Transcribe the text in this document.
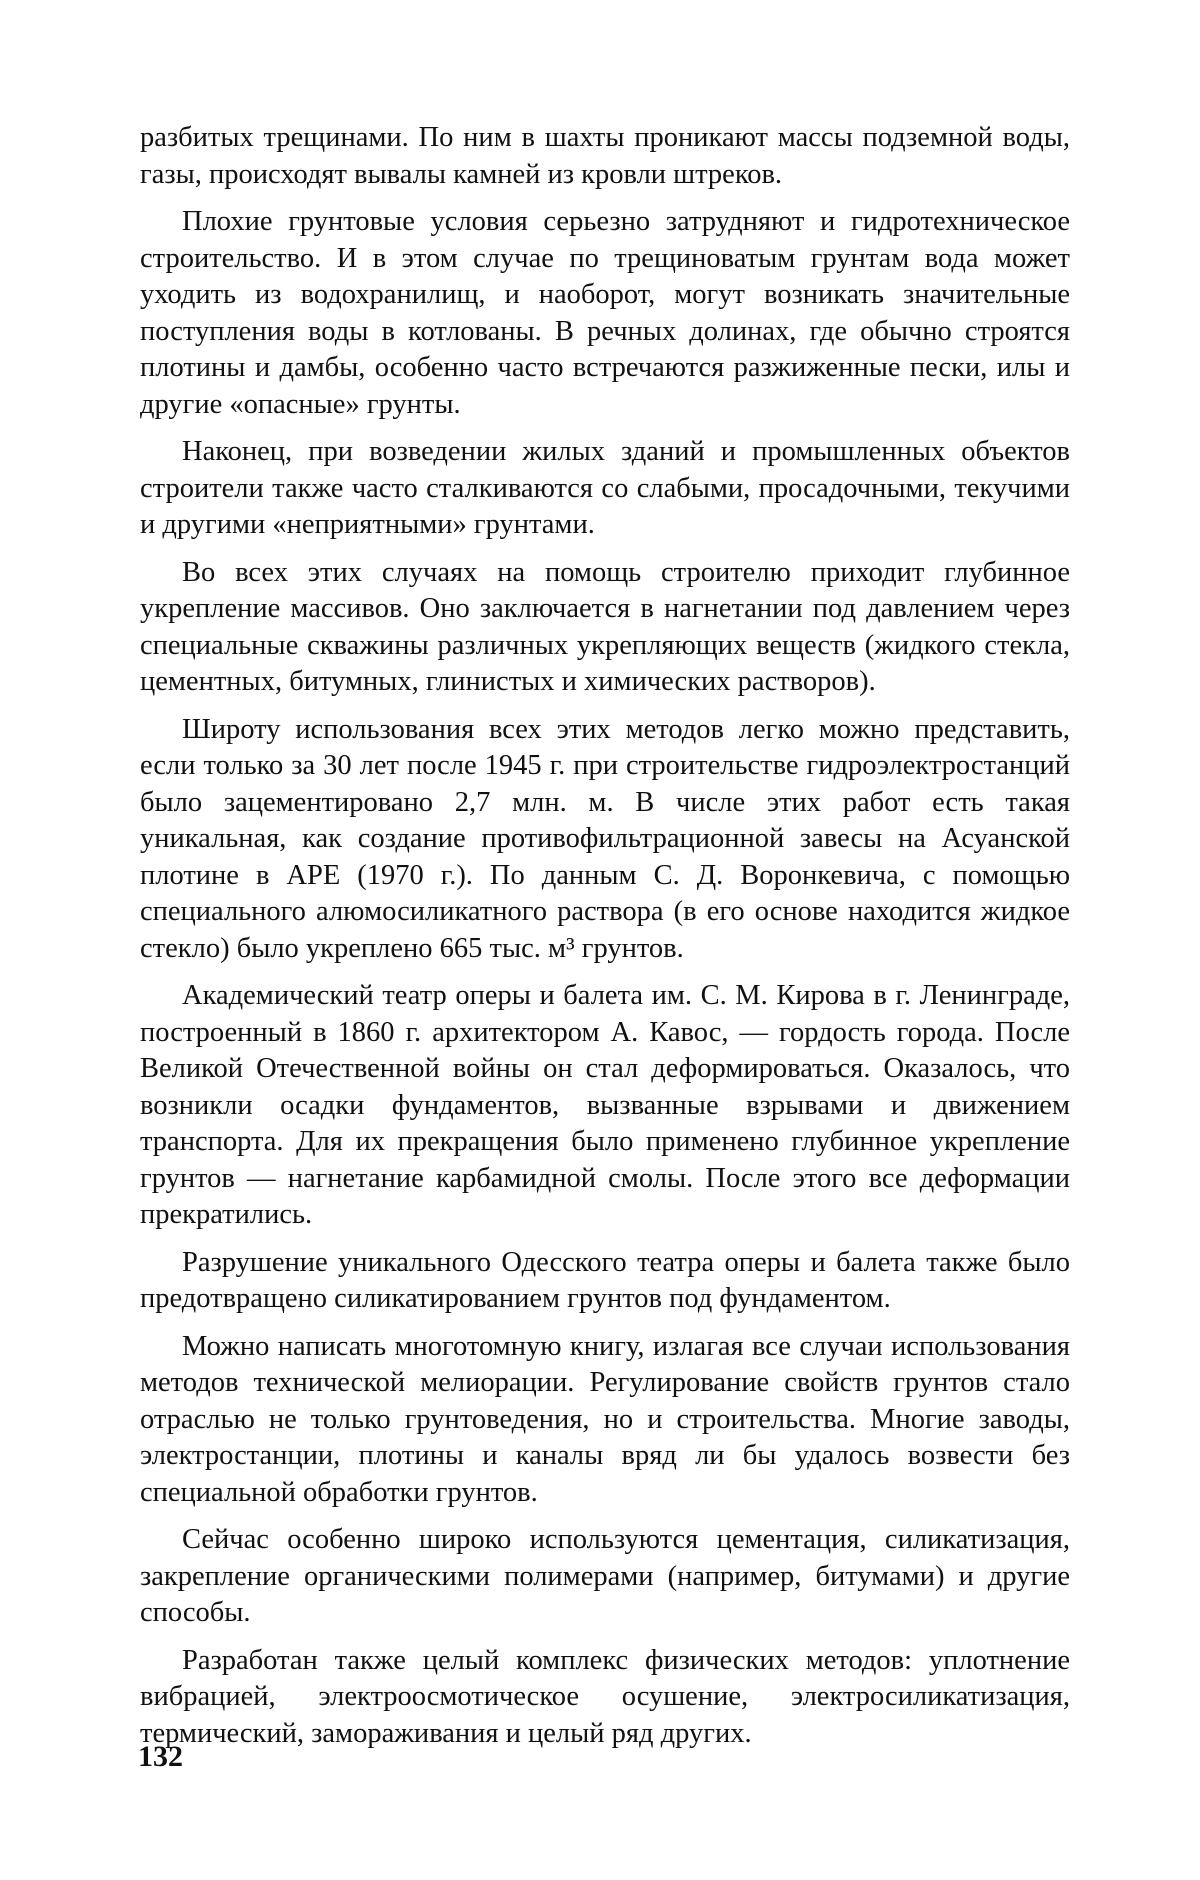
разбитых трещинами. По ним в шахты проникают массы подземной воды, газы, происходят вывалы камней из кровли штреков.

Плохие грунтовые условия серьезно затрудняют и гидротехническое строительство. И в этом случае по трещиноватым грунтам вода может уходить из водохранилищ, и наоборот, могут возникать значительные поступления воды в котлованы. В речных долинах, где обычно строятся плотины и дамбы, особенно часто встречаются разжиженные пески, илы и другие «опасные» грунты.

Наконец, при возведении жилых зданий и промышленных объектов строители также часто сталкиваются со слабыми, просадочными, текучими и другими «неприятными» грунтами.

Во всех этих случаях на помощь строителю приходит глубинное укрепление массивов. Оно заключается в нагнетании под давлением через специальные скважины различных укрепляющих веществ (жидкого стекла, цементных, битумных, глинистых и химических растворов).

Широту использования всех этих методов легко можно представить, если только за 30 лет после 1945 г. при строительстве гидроэлектростанций было зацементировано 2,7 млн. м. В числе этих работ есть такая уникальная, как создание противофильтрационной завесы на Асуанской плотине в АРЕ (1970 г.). По данным С. Д. Воронкевича, с помощью специального алюмосиликатного раствора (в его основе находится жидкое стекло) было укреплено 665 тыс. м³ грунтов.

Академический театр оперы и балета им. С. М. Кирова в г. Ленинграде, построенный в 1860 г. архитектором А. Кавос, — гордость города. После Великой Отечественной войны он стал деформироваться. Оказалось, что возникли осадки фундаментов, вызванные взрывами и движением транспорта. Для их прекращения было применено глубинное укрепление грунтов — нагнетание карбамидной смолы. После этого все деформации прекратились.

Разрушение уникального Одесского театра оперы и балета также было предотвращено силикатированием грунтов под фундаментом.

Можно написать многотомную книгу, излагая все случаи использования методов технической мелиорации. Регулирование свойств грунтов стало отраслью не только грунтоведения, но и строительства. Многие заводы, электростанции, плотины и каналы вряд ли бы удалось возвести без специальной обработки грунтов.

Сейчас особенно широко используются цементация, силикатизация, закрепление органическими полимерами (например, битумами) и другие способы.

Разработан также целый комплекс физических методов: уплотнение вибрацией, электроосмотическое осушение, электросиликатизация, термический, замораживания и целый ряд других.

132
